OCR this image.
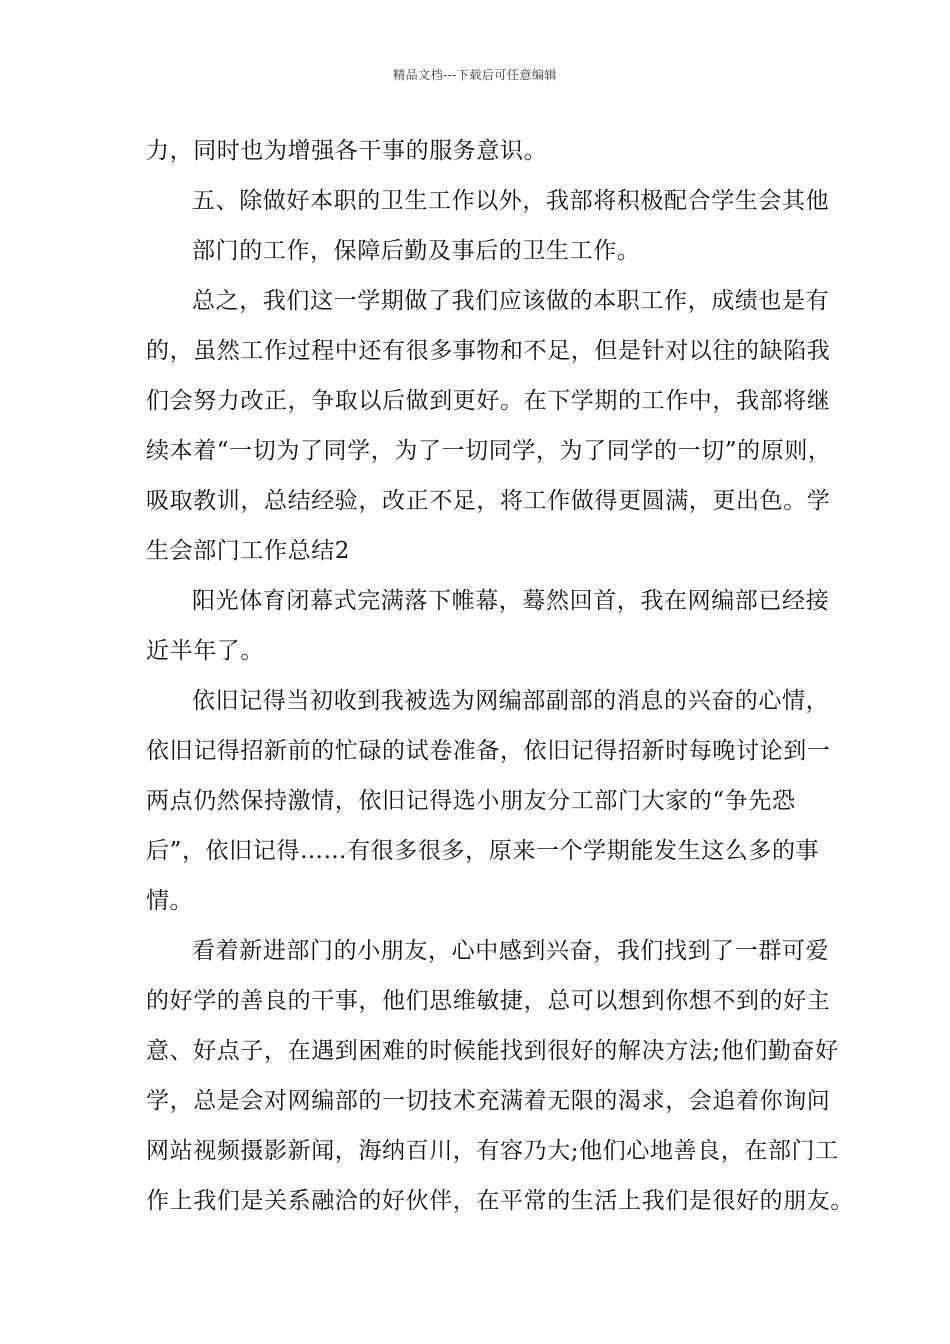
精品文档---下载后可任意编辑
力，同时也为增强各干事的服务意识。
五、除做好本职的卫生工作以外，我部将积极配合学生会其他
部门的工作，保障后勤及事后的卫生工作。
总之，我们这一学期做了我们应该做的本职工作，成绩也是有
的，虽然工作过程中还有很多事物和不足，但是针对以往的缺陷我
们会努力改正，争取以后做到更好。在下学期的工作中，我部将继
续本着“一切为了同学，为了一切同学，为了同学的一切”的原则，
吸取教训，总结经验，改正不足，将工作做得更圆满，更出色。学
生会部门工作总结2
阳光体育闭幕式完满落下帷幕，蓦然回首，我在网编部已经接
近半年了。
依旧记得当初收到我被选为网编部副部的消息的兴奋的心情，
依旧记得招新前的忙碌的试卷准备，依旧记得招新时每晚讨论到一
两点仍然保持激情，依旧记得选小朋友分工部门大家的“争先恐
后”，依旧记得……有很多很多，原来一个学期能发生这么多的事
情。
看着新进部门的小朋友，心中感到兴奋，我们找到了一群可爱
的好学的善良的干事，他们思维敏捷，总可以想到你想不到的好主
意、好点子，在遇到困难的时候能找到很好的解决方法;他们勤奋好
学，总是会对网编部的一切技术充满着无限的渴求，会追着你询问
网站视频摄影新闻，海纳百川，有容乃大;他们心地善良，在部门工
作上我们是关系融洽的好伙伴，在平常的生活上我们是很好的朋友。
